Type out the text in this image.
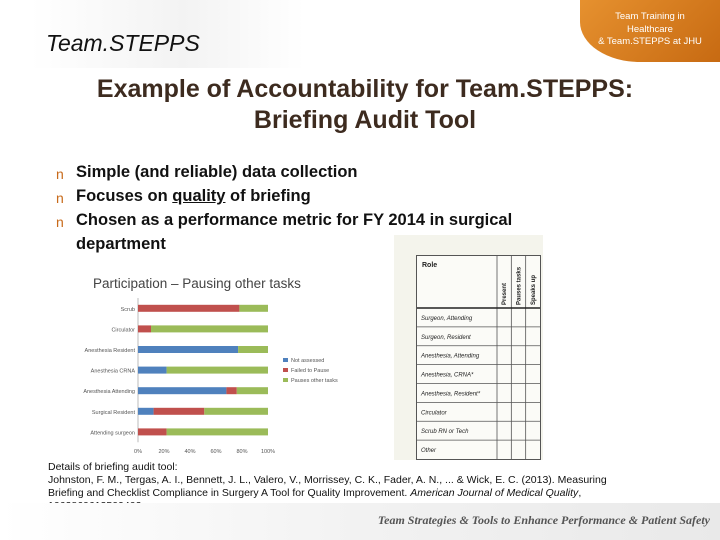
Team.STEPPS
Team Training in
Healthcare
& Team.STEPPS at JHU
Example of Accountability for Team.STEPPS:
Briefing Audit Tool
n Simple (and reliable) data collection
n Focuses on quality of briefing
n Chosen as a performance metric for FY 2014 in surgical department
Participation – Pausing other tasks
Scrub
Circulator
Anesthesia Resident
Anesthesia CRNA
Anesthesia Attending
Surgical Resident
Attending surgeon
0%	20%	40%	60%	80% 100%
Not assessed
Failed to Pause
Pauses other tasks
Role
Present Pauses tasks Speaks up
Surgeon, Attending
Surgeon, Resident
Anesthesia, Attending
Anesthesia, CRNA*
Anesthesia, Resident*
Circulator
Scrub RN or Tech
Other
Details of briefing audit tool:
Johnston, F. M., Tergas, A. I., Bennett, J. L., Valero, V., Morrissey, C. K., Fader, A. N., ... & Wick, E. C. (2013). Measuring Briefing and Checklist Compliance in Surgery A Tool for Quality Improvement. American Journal of Medical Quality,
Team Strategies & Tools to Enhance Performance & Patient Safety
